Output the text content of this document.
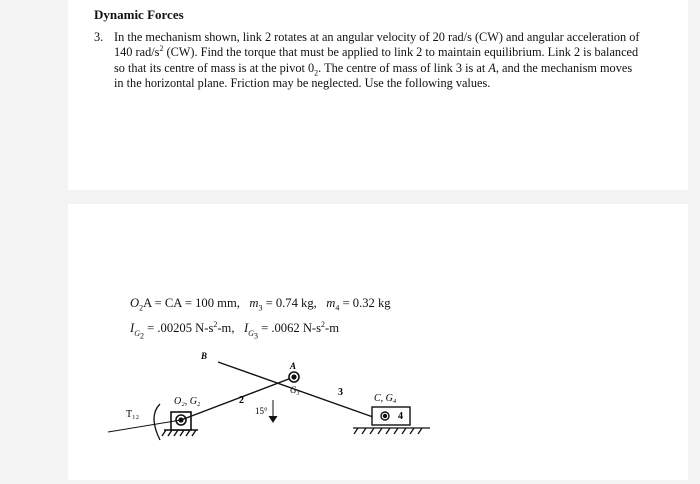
Dynamic Forces
3. In the mechanism shown, link 2 rotates at an angular velocity of 20 rad/s (CW) and angular acceleration of 140 rad/$s^2$ (CW). Find the torque that must be applied to link 2 to maintain equilibrium. Link 2 is balanced so that its centre of mass is at the pivot $0_2$. The centre of mass of link 3 is at A, and the mechanism moves in the horizontal plane. Friction may be neglected. Use the following values.
$O_2A$ = CA = 100 mm, $m_3 = 0.74$ kg, $m_4 = 0.32$ kg
$I_{G_2} = .00205$ $N-s^2-m$, $I_{G_3} = .0062$ $N-s^2-m$
T₁₂
O₂, G₂	2
B
A
G₃	3
15°
C, G₄
4
